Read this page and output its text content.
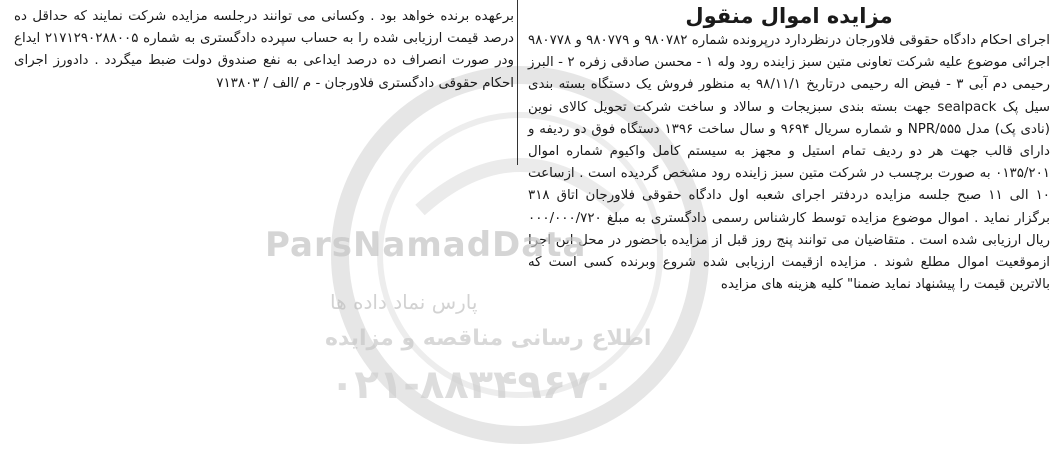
مزایده اموال منقول

اجرای احکام دادگاه حقوقی فلاورجان درنظردارد درپرونده شماره ۹۸۰۷۸۲ و ۹۸۰۷۷۹ و ۹۸۰۷۷۸ اجرائی موضوع علیه شرکت تعاونی متین سبز زاینده رود وله ۱ - محسن صادقی زفره ۲ - البرز رحیمی دم آبی ۳ - فیض اله رحیمی درتاریخ ۹۸/۱۱/۱ به منظور فروش یک دستگاه بسته بندی سیل پک sealpack جهت بسته بندی سبزیجات و سالاد و ساخت شرکت تحویل کالای نوین (نادی پک) مدل NPR/۵۵۵ و شماره سریال ۹۶۹۴ و سال ساخت ۱۳۹۶ دستگاه فوق دو ردیفه و دارای قالب جهت هر دو ردیف تمام استیل و مجهز به سیستم کامل واکیوم شماره اموال ۰۱۳۵/۲۰۱ به صورت برچسب در شرکت متین سبز زاینده رود مشخص گردیده است . ازساعت ۱۰ الی ۱۱ صبح جلسه مزایده دردفتر اجرای شعبه اول دادگاه حقوقی فلاورجان اتاق ۳۱۸ برگزار نماید . اموال موضوع مزایده توسط کارشناس رسمی دادگستری به مبلغ ۰۰۰/۰۰۰/۷۲۰ ریال ارزیابی شده است . متقاضیان می توانند پنج روز قبل از مزایده باحضور در محل این اجرا ازموقعیت اموال مطلع شوند . مزایده ازقیمت ارزیابی شده شروع وبرنده کسی است که بالاترین قیمت را پیشنهاد نماید ضمنا" کلیه هزینه های مزایده

برعهده برنده خواهد بود . وکسانی می توانند درجلسه مزایده شرکت نمایند که حداقل ده درصد قیمت ارزیابی شده را به حساب سپرده دادگستری به شماره ۲۱۷۱۲۹۰۲۸۸۰۰۵ ایداع ودر صورت انصراف ده درصد ایداعی به نفع صندوق دولت ضبط میگردد . دادورز اجرای احکام حقوقی دادگستری فلاورجان - م /الف / ۷۱۳۸۰۳

ParsNamadData
پارس نماد داده ها
اطلاع رسانی مناقصه و مزایده
۰۲۱-۸۸۳۴۹۶۷۰
